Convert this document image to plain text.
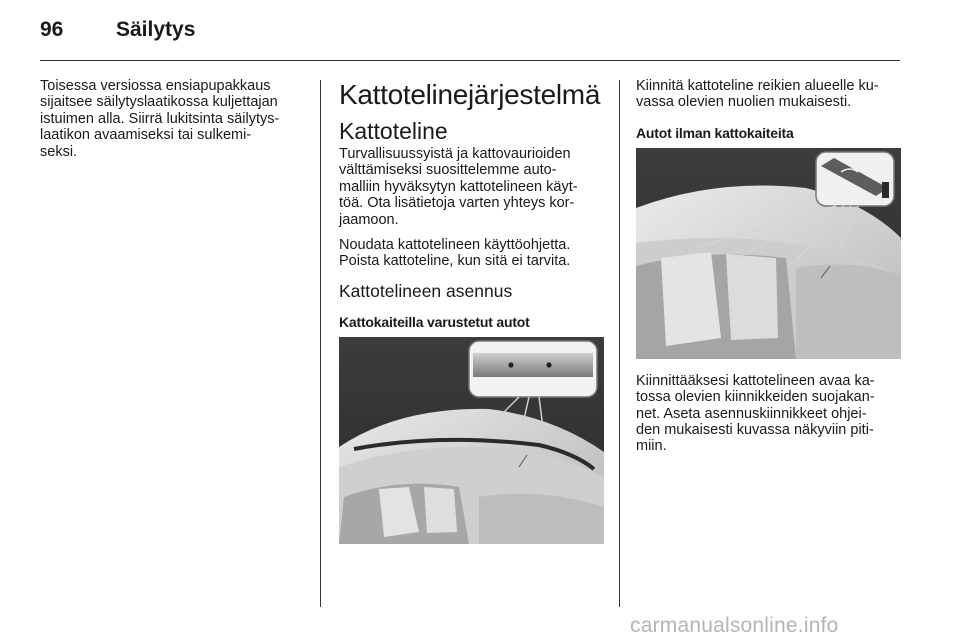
96	Säilytys

Toisessa versiossa ensiapupakkaus
sijaitsee säilytyslaatikossa kuljettajan
istuimen alla. Siirrä lukitsinta säilytys-
laatikon avaamiseksi tai sulkemi-
seksi.

Kattotelinejärjestelmä
Kattoteline

Turvallisuussyistä ja kattovaurioiden
välttämiseksi suosittelemme auto-
malliin hyväksytyn kattotelineen käyt-
töä. Ota lisätietoja varten yhteys kor-
jaamoon.

Noudata kattotelineen käyttöohjetta.
Poista kattoteline, kun sitä ei tarvita.

Kattotelineen asennus
Kattokaiteilla varustetut autot

Kiinnitä kattoteline reikien alueelle ku-
vassa olevien nuolien mukaisesti.

Autot ilman kattokaiteita

Kiinnittääksesi kattotelineen avaa ka-
tossa olevien kiinnikkeiden suojakan-
net. Aseta asennuskiinnikkeet ohjei-
den mukaisesti kuvassa näkyviin piti-
miin.

carmanualsonline.info
